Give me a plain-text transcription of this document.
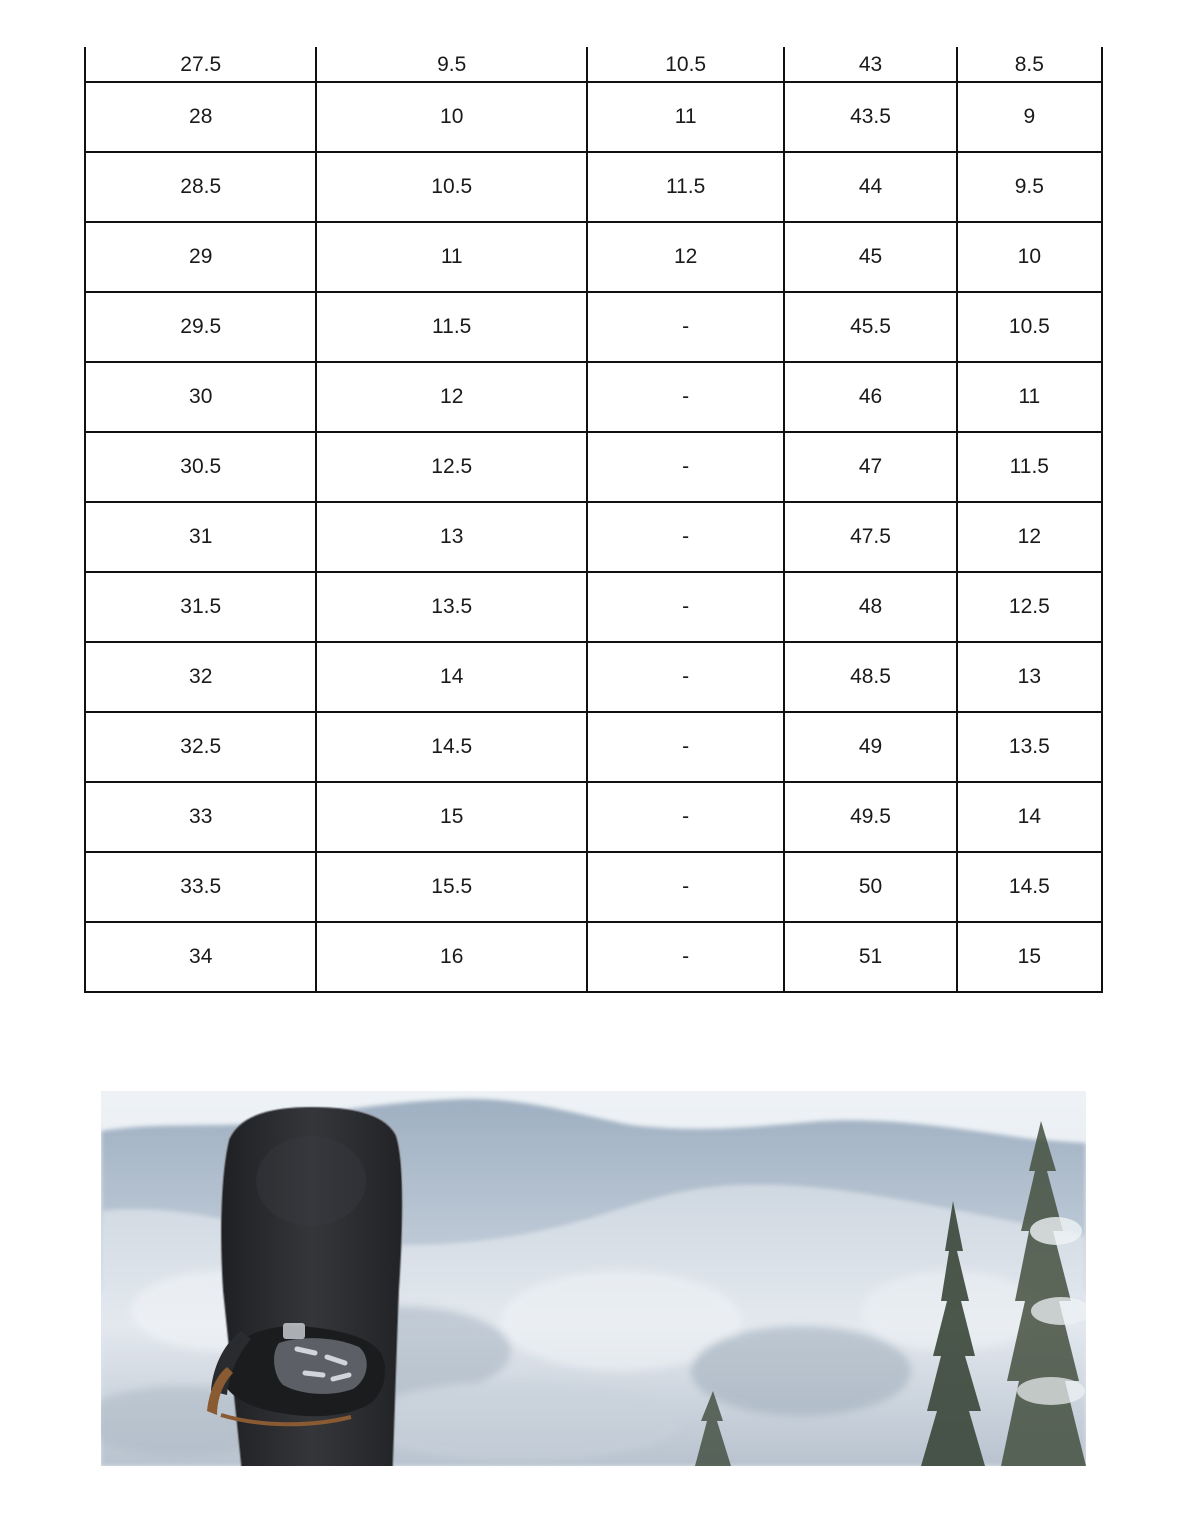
27.5	9.5	10.5	43	8.5
28	10	11	43.5	9
28.5	10.5	11.5	44	9.5
29	11	12	45	10
29.5	11.5	-	45.5	10.5
30	12	-	46	11
30.5	12.5	-	47	11.5
31	13	-	47.5	12
31.5	13.5	-	48	12.5
32	14	-	48.5	13
32.5	14.5	-	49	13.5
33	15	-	49.5	14
33.5	15.5	-	50	14.5
34	16	-	51	15
